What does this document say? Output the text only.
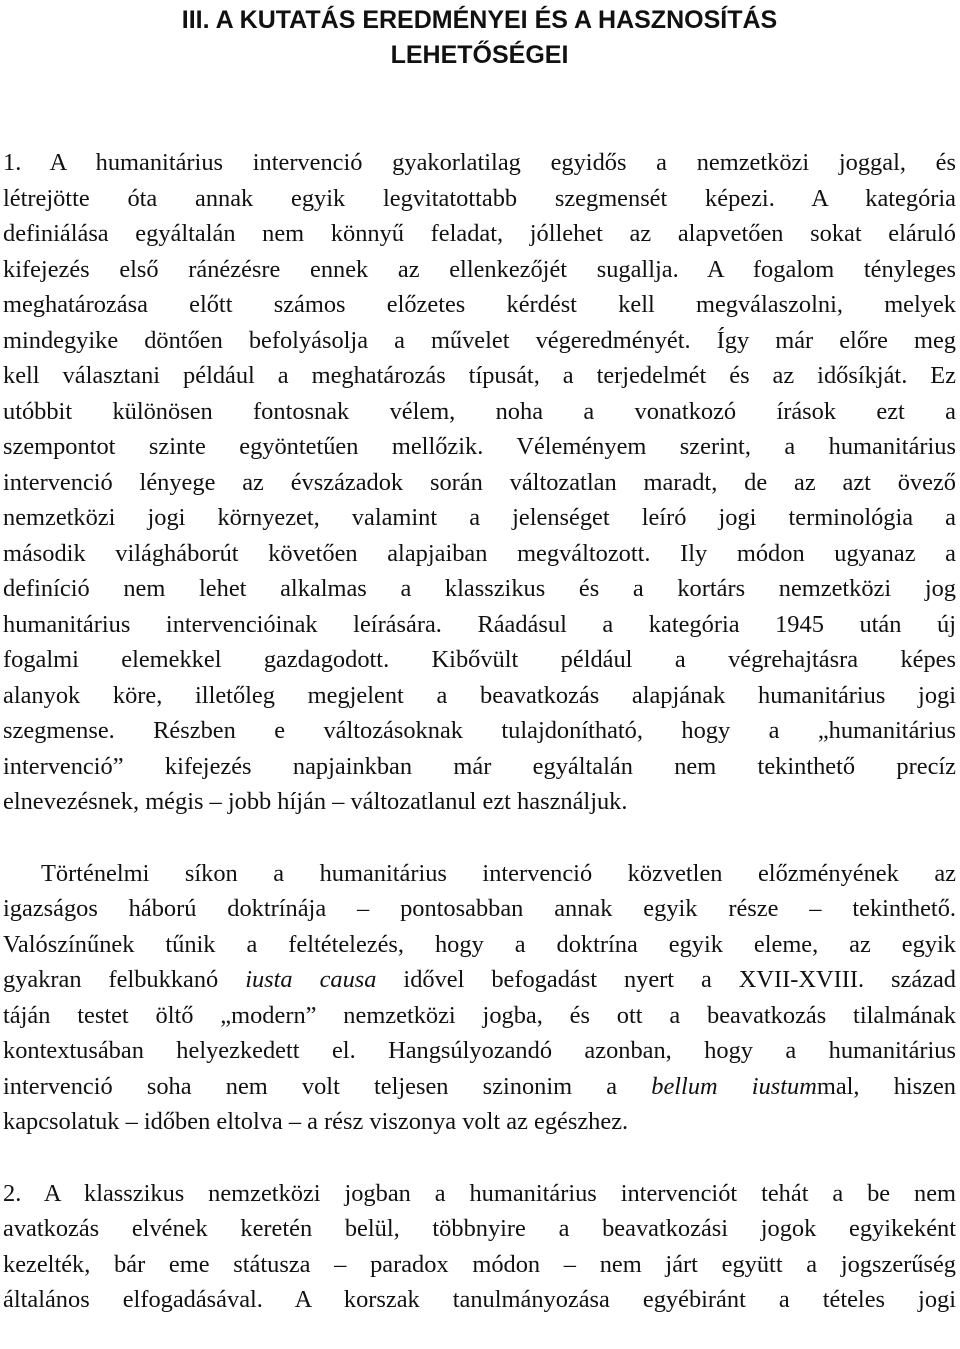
III. A KUTATÁS EREDMÉNYEI ÉS A HASZNOSÍTÁS
LEHETŐSÉGEI
1. A humanitárius intervenció gyakorlatilag egyidős a nemzetközi joggal, és
létrejötte óta annak egyik legvitatottabb szegmensét képezi. A kategória
definiálása egyáltalán nem könnyű feladat, jóllehet az alapvetően sokat eláruló
kifejezés első ránézésre ennek az ellenkezőjét sugallja. A fogalom tényleges
meghatározása előtt számos előzetes kérdést kell megválaszolni, melyek
mindegyike döntően befolyásolja a művelet végeredményét. Így már előre meg
kell választani például a meghatározás típusát, a terjedelmét és az idősíkját. Ez
utóbbit különösen fontosnak vélem, noha a vonatkozó írások ezt a
szempontot szinte egyöntetűen mellőzik. Véleményem szerint, a humanitárius
intervenció lényege az évszázadok során változatlan maradt, de az azt övező
nemzetközi jogi környezet, valamint a jelenséget leíró jogi terminológia a
második világháborút követően alapjaiban megváltozott. Ily módon ugyanaz a
definíció nem lehet alkalmas a klasszikus és a kortárs nemzetközi jog
humanitárius intervencióinak leírására. Ráadásul a kategória 1945 után új
fogalmi elemekkel gazdagodott. Kibővült például a végrehajtásra képes
alanyok köre, illetőleg megjelent a beavatkozás alapjának humanitárius jogi
szegmense. Részben e változásoknak tulajdonítható, hogy a „humanitárius
intervenció” kifejezés napjainkban már egyáltalán nem tekinthető precíz
elnevezésnek, mégis – jobb híján – változatlanul ezt használjuk.
Történelmi síkon a humanitárius intervenció közvetlen előzményének az
igazságos háború doktrínája – pontosabban annak egyik része – tekinthető.
Valószínűnek tűnik a feltételezés, hogy a doktrína egyik eleme, az egyik
gyakran felbukkanó iusta causa idővel befogadást nyert a XVII-XVIII. század
táján testet öltő „modern” nemzetközi jogba, és ott a beavatkozás tilalmának
kontextusában helyezkedett el. Hangsúlyozandó azonban, hogy a humanitárius
intervenció soha nem volt teljesen szinonim a bellum iustummal, hiszen
kapcsolatuk – időben eltolva – a rész viszonya volt az egészhez.
2. A klasszikus nemzetközi jogban a humanitárius intervenciót tehát a be nem
avatkozás elvének keretén belül, többnyire a beavatkozási jogok egyikeként
kezelték, bár eme státusza – paradox módon – nem járt együtt a jogszerűség
általános elfogadásával. A korszak tanulmányozása egyébiránt a tételes jogi
